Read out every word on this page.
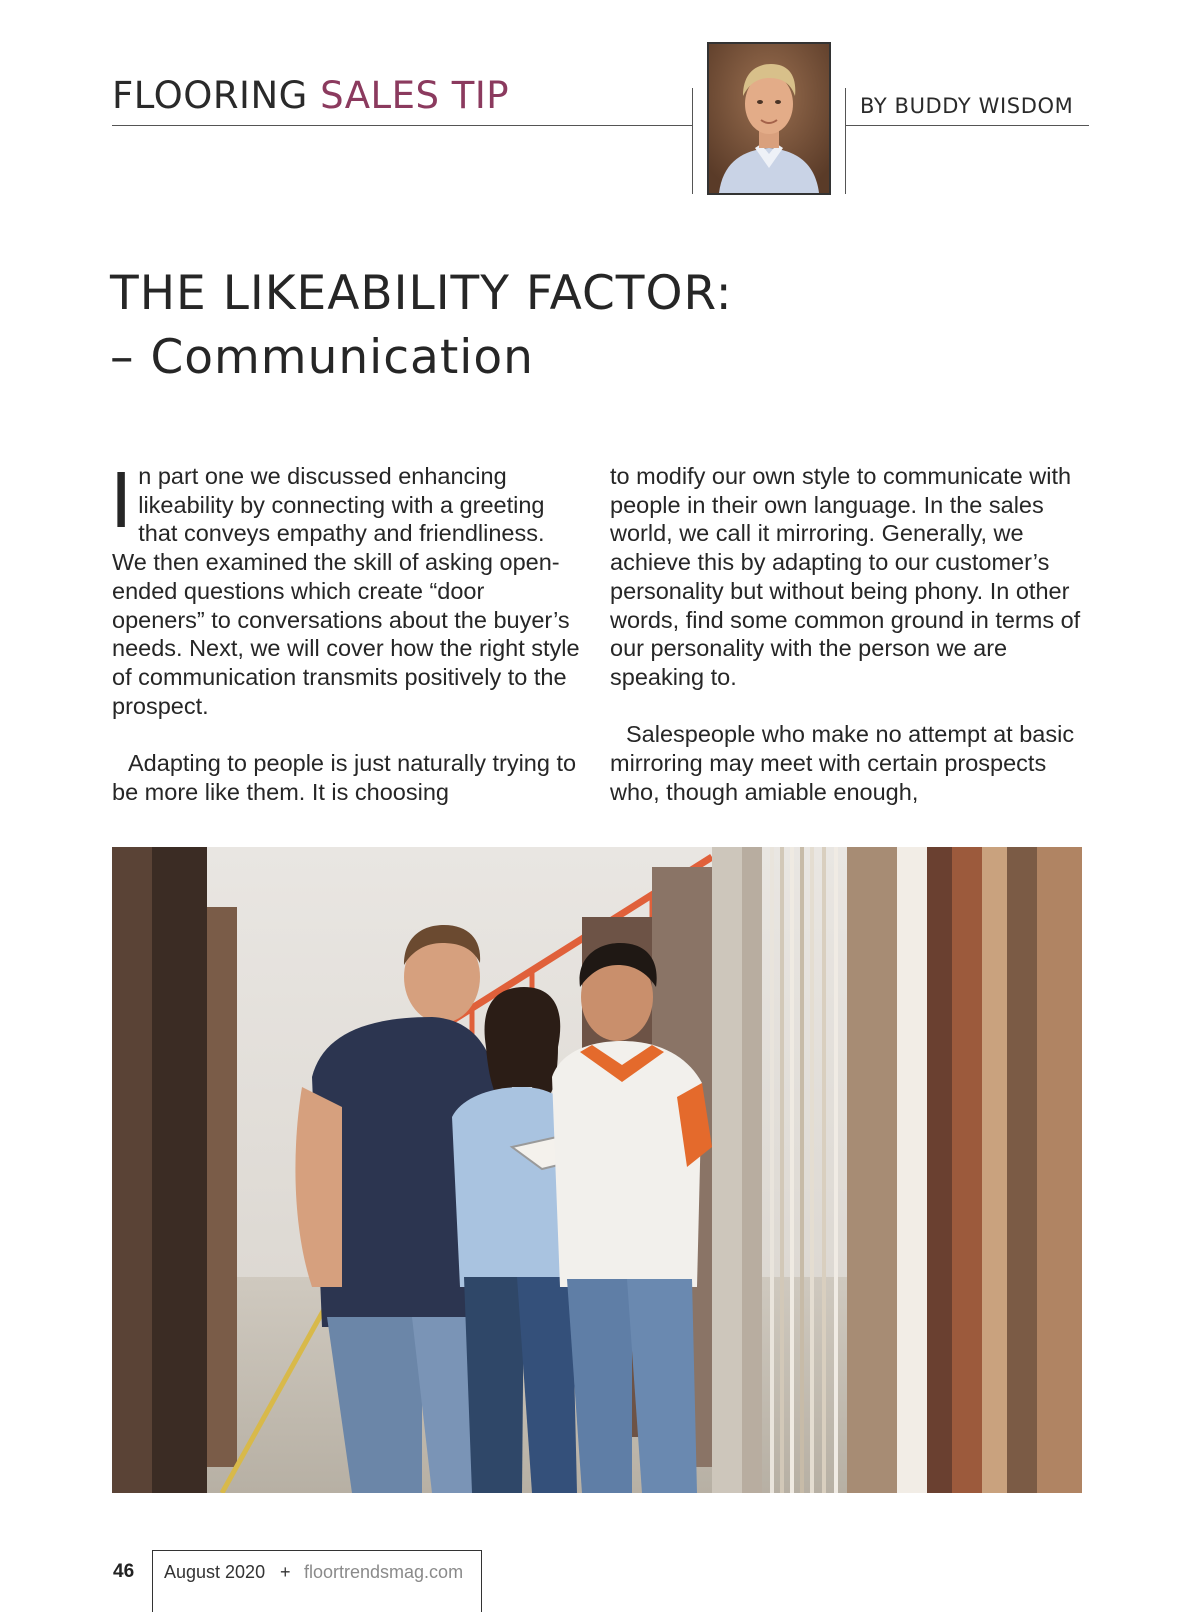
FLOORING SALES TIP	BY BUDDY WISDOM
THE LIKEABILITY FACTOR:
– Communication

In part one we discussed enhancing likeability by connecting with a greeting that conveys empathy and friendliness. We then examined the skill of asking open-ended questions which create “door openers” to conversations about the buyer’s needs. Next, we will cover how the right style of communication transmits positively to the prospect.

Adapting to people is just naturally trying to be more like them. It is choosing

to modify our own style to communicate with people in their own language. In the sales world, we call it mirroring. Generally, we achieve this by adapting to our customer’s personality but without being phony. In other words, find some common ground in terms of our personality with the person we are speaking to.

Salespeople who make no attempt at basic mirroring may meet with certain prospects who, though amiable enough,

46 August 2020 + floortrendsmag.com
